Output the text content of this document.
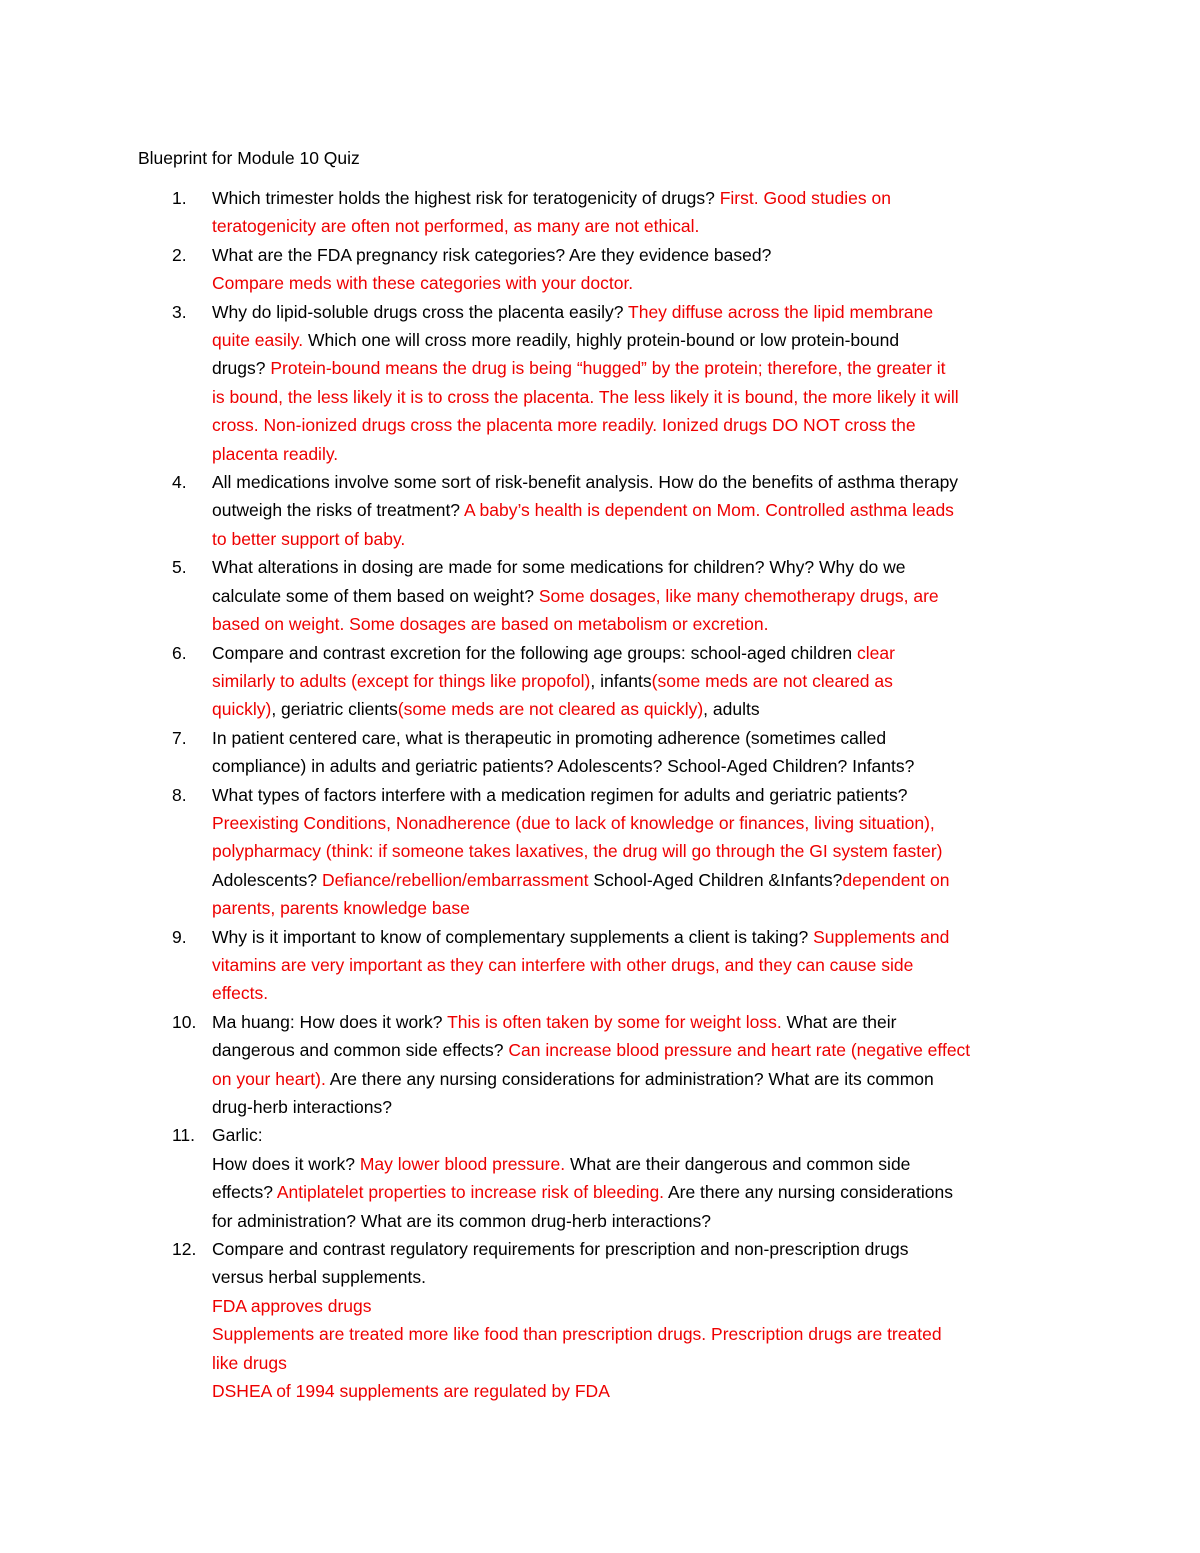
Blueprint for Module 10 Quiz
1. Which trimester holds the highest risk for teratogenicity of drugs? First. Good studies on
teratogenicity are often not performed, as many are not ethical.
2. What are the FDA pregnancy risk categories? Are they evidence based?
Compare meds with these categories with your doctor.
3. Why do lipid-soluble drugs cross the placenta easily? They diffuse across the lipid membrane
quite easily. Which one will cross more readily, highly protein-bound or low protein-bound
drugs? Protein-bound means the drug is being “hugged” by the protein; therefore, the greater it
is bound, the less likely it is to cross the placenta. The less likely it is bound, the more likely it will
cross. Non-ionized drugs cross the placenta more readily. Ionized drugs DO NOT cross the
placenta readily.
4. All medications involve some sort of risk-benefit analysis. How do the benefits of asthma therapy
outweigh the risks of treatment? A baby’s health is dependent on Mom. Controlled asthma leads
to better support of baby.
5. What alterations in dosing are made for some medications for children? Why? Why do we
calculate some of them based on weight? Some dosages, like many chemotherapy drugs, are
based on weight. Some dosages are based on metabolism or excretion.
6. Compare and contrast excretion for the following age groups: school-aged children clear
similarly to adults (except for things like propofol), infants(some meds are not cleared as
quickly), geriatric clients(some meds are not cleared as quickly), adults
7. In patient centered care, what is therapeutic in promoting adherence (sometimes called
compliance) in adults and geriatric patients? Adolescents? School-Aged Children? Infants?
8. What types of factors interfere with a medication regimen for adults and geriatric patients?
Preexisting Conditions, Nonadherence (due to lack of knowledge or finances, living situation),
polypharmacy (think: if someone takes laxatives, the drug will go through the GI system faster)
Adolescents? Defiance/rebellion/embarrassment School-Aged Children &Infants?dependent on
parents, parents knowledge base
9. Why is it important to know of complementary supplements a client is taking? Supplements and
vitamins are very important as they can interfere with other drugs, and they can cause side
effects.
10. Ma huang: How does it work? This is often taken by some for weight loss. What are their
dangerous and common side effects? Can increase blood pressure and heart rate (negative effect
on your heart). Are there any nursing considerations for administration? What are its common
drug-herb interactions?
11. Garlic:
How does it work? May lower blood pressure. What are their dangerous and common side
effects? Antiplatelet properties to increase risk of bleeding. Are there any nursing considerations
for administration? What are its common drug-herb interactions?
12. Compare and contrast regulatory requirements for prescription and non-prescription drugs
versus herbal supplements.
FDA approves drugs
Supplements are treated more like food than prescription drugs. Prescription drugs are treated
like drugs
DSHEA of 1994 supplements are regulated by FDA
